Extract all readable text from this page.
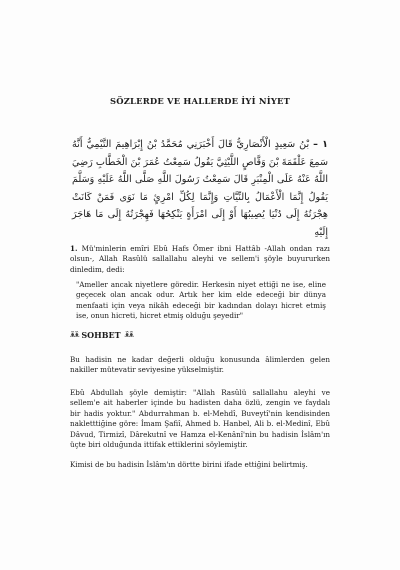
SÖZLERDE VE HALLERDE İYİ NİYET
١ – بْنُ سَعِيدٍ الْأَنْصَارِيُّ قَالَ أَخْبَرَنِي مُحَمَّدُ بْنُ إِبْرَاهِيمَ التَّيْمِيُّ أَنَّهُ سَمِعَ عَلْقَمَةَ بْنَ وَقَّاصٍ اللَّيْثِيَّ يَقُولُ سَمِعْتُ عُمَرَ بْنَ الْخَطَّابِ رَضِيَ اللَّهُ عَنْهُ عَلَى الْمِنْبَرِ قَالَ سَمِعْتُ رَسُولَ اللَّهِ صَلَّى اللَّهُ عَلَيْهِ وَسَلَّمَ يَقُولُ إِنَّمَا الْأَعْمَالُ بِالنِّيَّاتِ وَإِنَّمَا لِكُلِّ امْرِئٍ مَا نَوَى فَمَنْ كَانَتْ هِجْرَتُهُ إِلَى دُنْيَا يُصِيبُهَا أَوْ إِلَى امْرَأَةٍ يَنْكِحُهَا فَهِجْرَتُهُ إِلَى مَا هَاجَرَ إِلَيْهِ

1. Mü'minlerin emîri Ebû Hafs Ömer ibni Hattâb -Allah ondan razı olsun-, Allah Rasûlü sallallahu aleyhi ve sellem'i şöyle buyururken dinledim, dedi:

"Ameller ancak niyetlere göredir. Herkesin niyet ettiği ne ise, eline geçecek olan ancak odur. Artık her kim elde edeceği bir dünya menfaati için veya nikâh edeceği bir kadından dolayı hicret etmiş ise, onun hicreti, hicret etmiş olduğu şeyedir"

ᴥ᷈ᴥ᷈ SOHBET ᴥ᷈ᴥ᷈

Bu hadisin ne kadar değerli olduğu konusunda âlimlerden gelen nakiller mütevatir seviyesine yükselmiştir.

Ebû Abdullah şöyle demiştir: "Allah Rasûlü sallallahu aleyhi ve sellem'e ait haberler içinde bu hadisten daha özlü, zengin ve faydalı bir hadis yoktur." Abdurrahman b. el-Mehdî, Buveytî'nin kendisinden nakletttiğine göre: İmam Şafiî, Ahmed b. Hanbel, Ali b. el-Medinî, Ebû Dâvud, Tirmizî, Dârekutnî ve Hamza el-Kenânî'nin bu hadisin İslâm'ın üçte biri olduğunda ittifak ettiklerini söylemiştir.

Kimisi de bu hadisin İslâm'ın dörtte birini ifade ettiğini belirtmiş.
